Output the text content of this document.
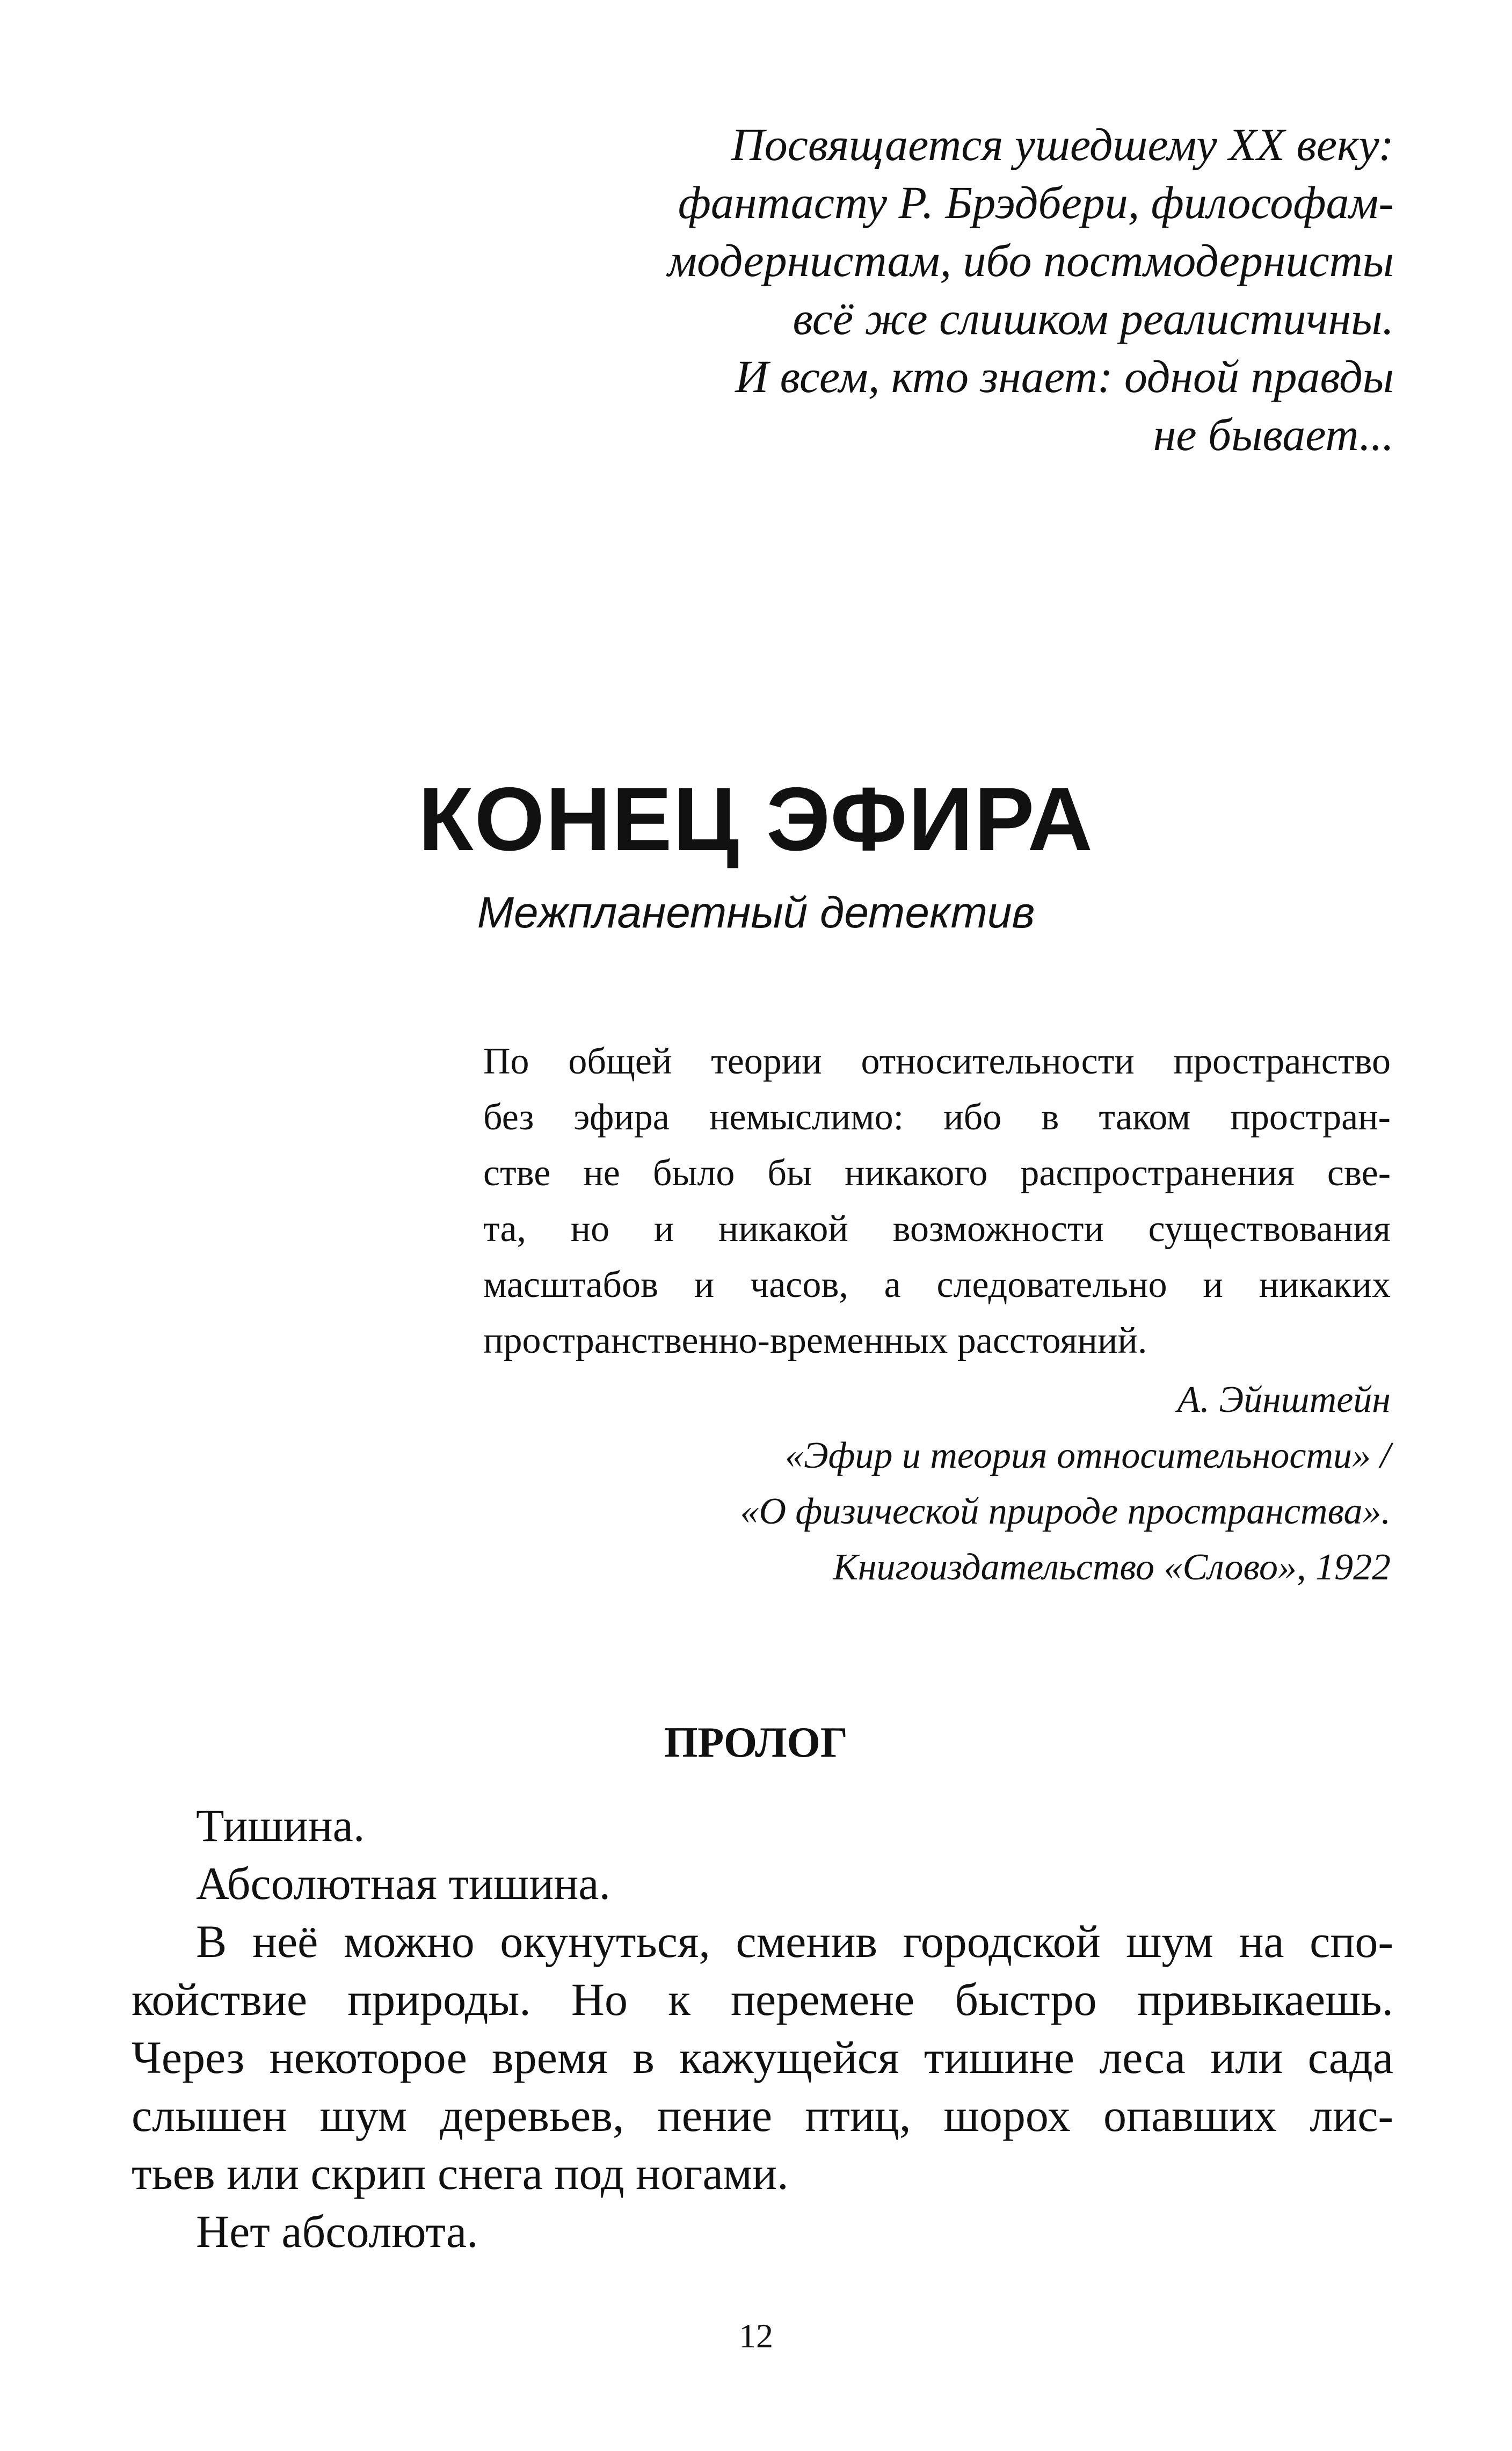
Посвящается ушедшему XX веку:
фантасту Р. Брэдбери, философам-
модернистам, ибо постмодернисты
всё же слишком реалистичны.
И всем, кто знает: одной правды
не бывает...
КОНЕЦ ЭФИРА
Межпланетный детектив
По общей теории относительности пространство
без эфира немыслимо: ибо в таком простран-
стве не было бы никакого распространения све-
та, но и никакой возможности существования
масштабов и часов, а следовательно и никаких
пространственно-временных расстояний.
А. Эйнштейн
«Эфир и теория относительности» /
«О физической природе пространства».
Книгоиздательство «Слово», 1922
ПРОЛОГ
Тишина.
Абсолютная тишина.
В неё можно окунуться, сменив городской шум на спо-
койствие природы. Но к перемене быстро привыкаешь.
Через некоторое время в кажущейся тишине леса или сада
слышен шум деревьев, пение птиц, шорох опавших лис-
тьев или скрип снега под ногами.
Нет абсолюта.
12
